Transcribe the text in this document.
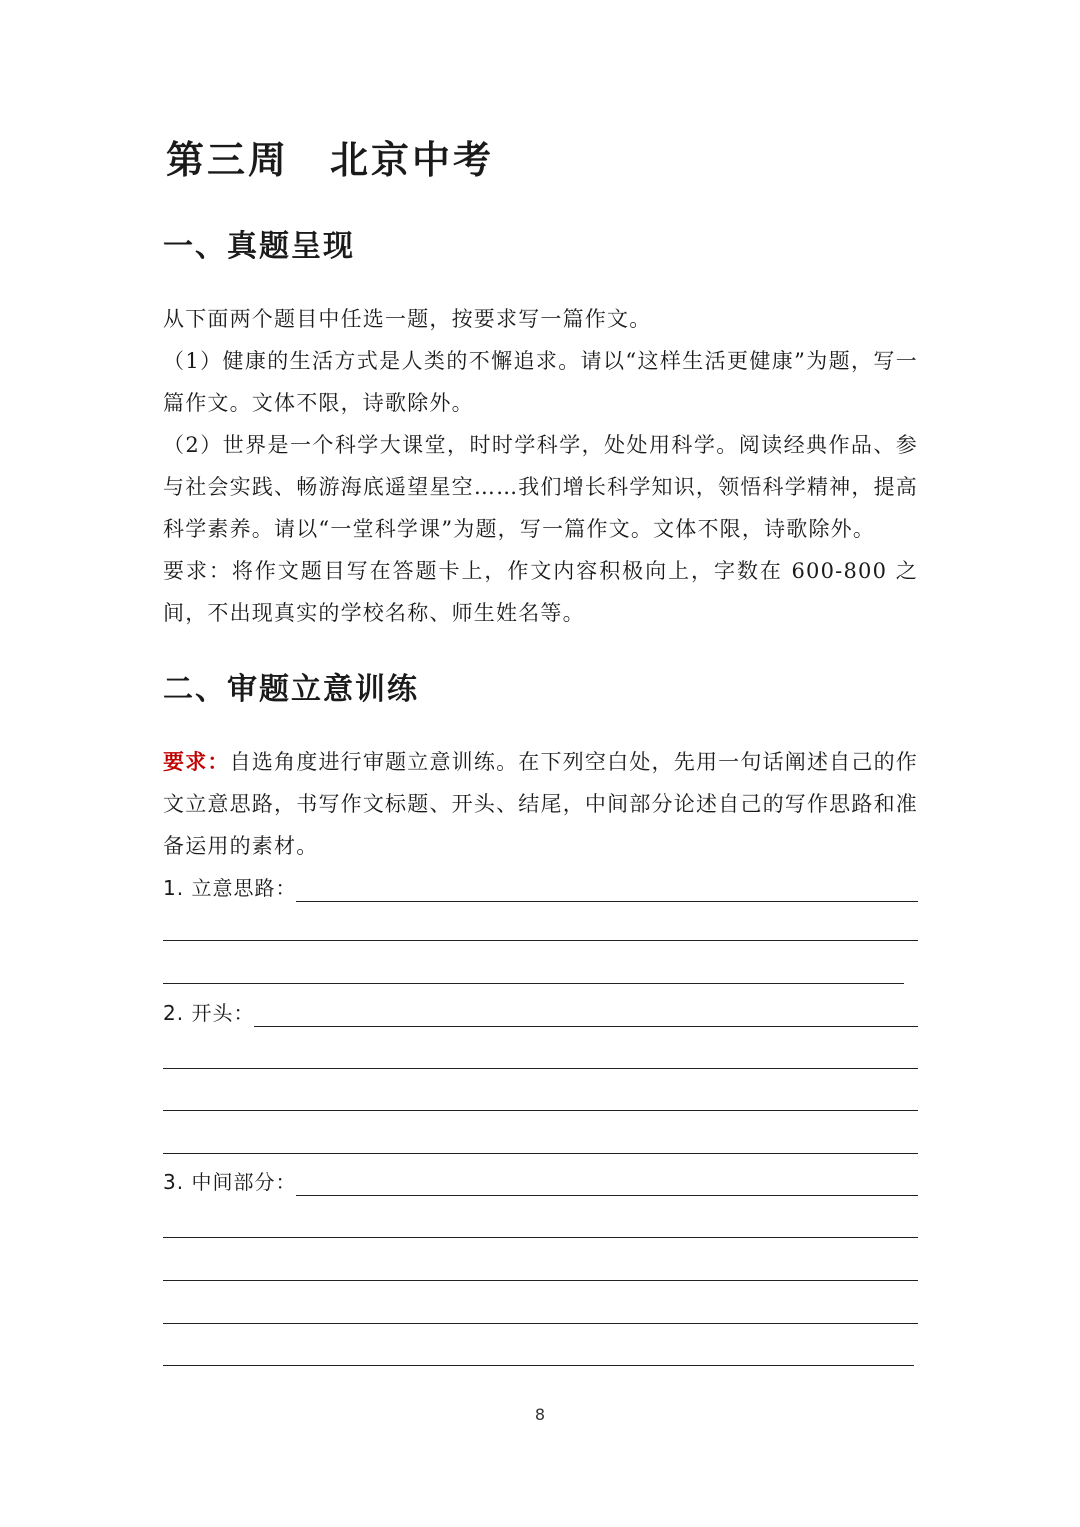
第三周　北京中考
一、真题呈现

从下面两个题目中任选一题，按要求写一篇作文。

（1）健康的生活方式是人类的不懈追求。请以“这样生活更健康”为题，写一篇作文。文体不限，诗歌除外。

（2）世界是一个科学大课堂，时时学科学，处处用科学。阅读经典作品、参与社会实践、畅游海底遥望星空……我们增长科学知识，领悟科学精神，提高科学素养。请以“一堂科学课”为题，写一篇作文。文体不限，诗歌除外。

要求：将作文题目写在答题卡上，作文内容积极向上，字数在 600-800 之间，不出现真实的学校名称、师生姓名等。

二、审题立意训练

要求：自选角度进行审题立意训练。在下列空白处，先用一句话阐述自己的作文立意思路，书写作文标题、开头、结尾，中间部分论述自己的写作思路和准备运用的素材。

1. 立意思路：
2. 开头：
3. 中间部分：
8
